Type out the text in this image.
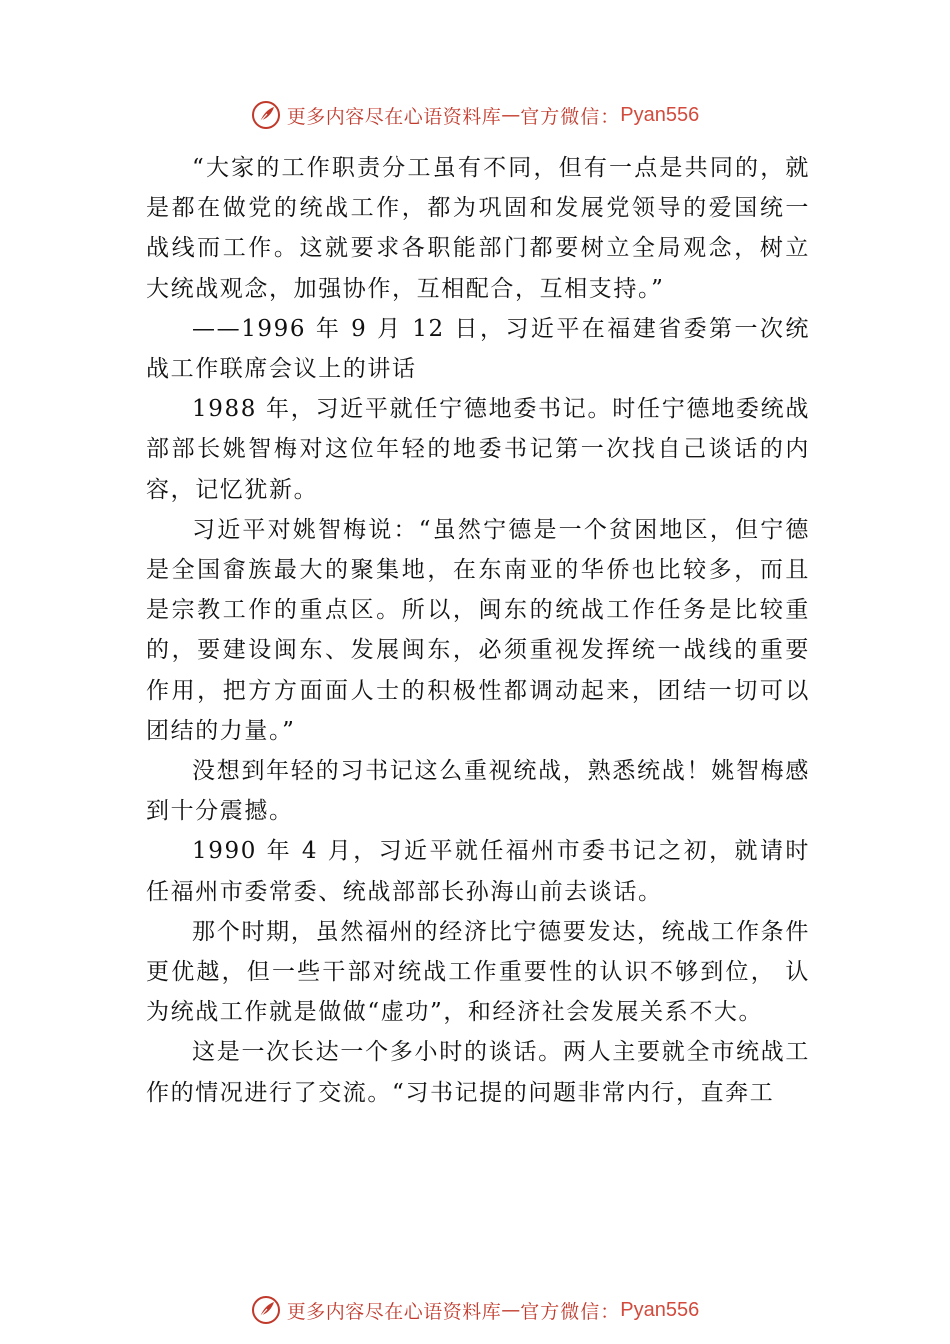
更多内容尽在心语资料库 — 官方微信： Pyan556

“大家的工作职责分工虽有不同，但有一点是共同的，就是都在做党的统战工作，都为巩固和发展党领导的爱国统一战线而工作。这就要求各职能部门都要树立全局观念，树立大统战观念，加强协作，互相配合，互相支持。”

——1996 年 9 月 12 日，习近平在福建省委第一次统战工作联席会议上的讲话

1988 年，习近平就任宁德地委书记。时任宁德地委统战部部长姚智梅对这位年轻的地委书记第一次找自己谈话的内容，记忆犹新。

习近平对姚智梅说：“虽然宁德是一个贫困地区，但宁德是全国畲族最大的聚集地，在东南亚的华侨也比较多，而且是宗教工作的重点区。所以，闽东的统战工作任务是比较重的，要建设闽东、发展闽东，必须重视发挥统一战线的重要作用，把方方面面人士的积极性都调动起来，团结一切可以团结的力量。”

没想到年轻的习书记这么重视统战，熟悉统战！姚智梅感到十分震撼。

1990 年 4 月，习近平就任福州市委书记之初，就请时任福州市委常委、统战部部长孙海山前去谈话。

那个时期，虽然福州的经济比宁德要发达，统战工作条件更优越，但一些干部对统战工作重要性的认识不够到位， 认为统战工作就是做做“虚功”，和经济社会发展关系不大。

这是一次长达一个多小时的谈话。两人主要就全市统战工作的情况进行了交流。“习书记提的问题非常内行，直奔工

更多内容尽在心语资料库 — 官方微信： Pyan556
